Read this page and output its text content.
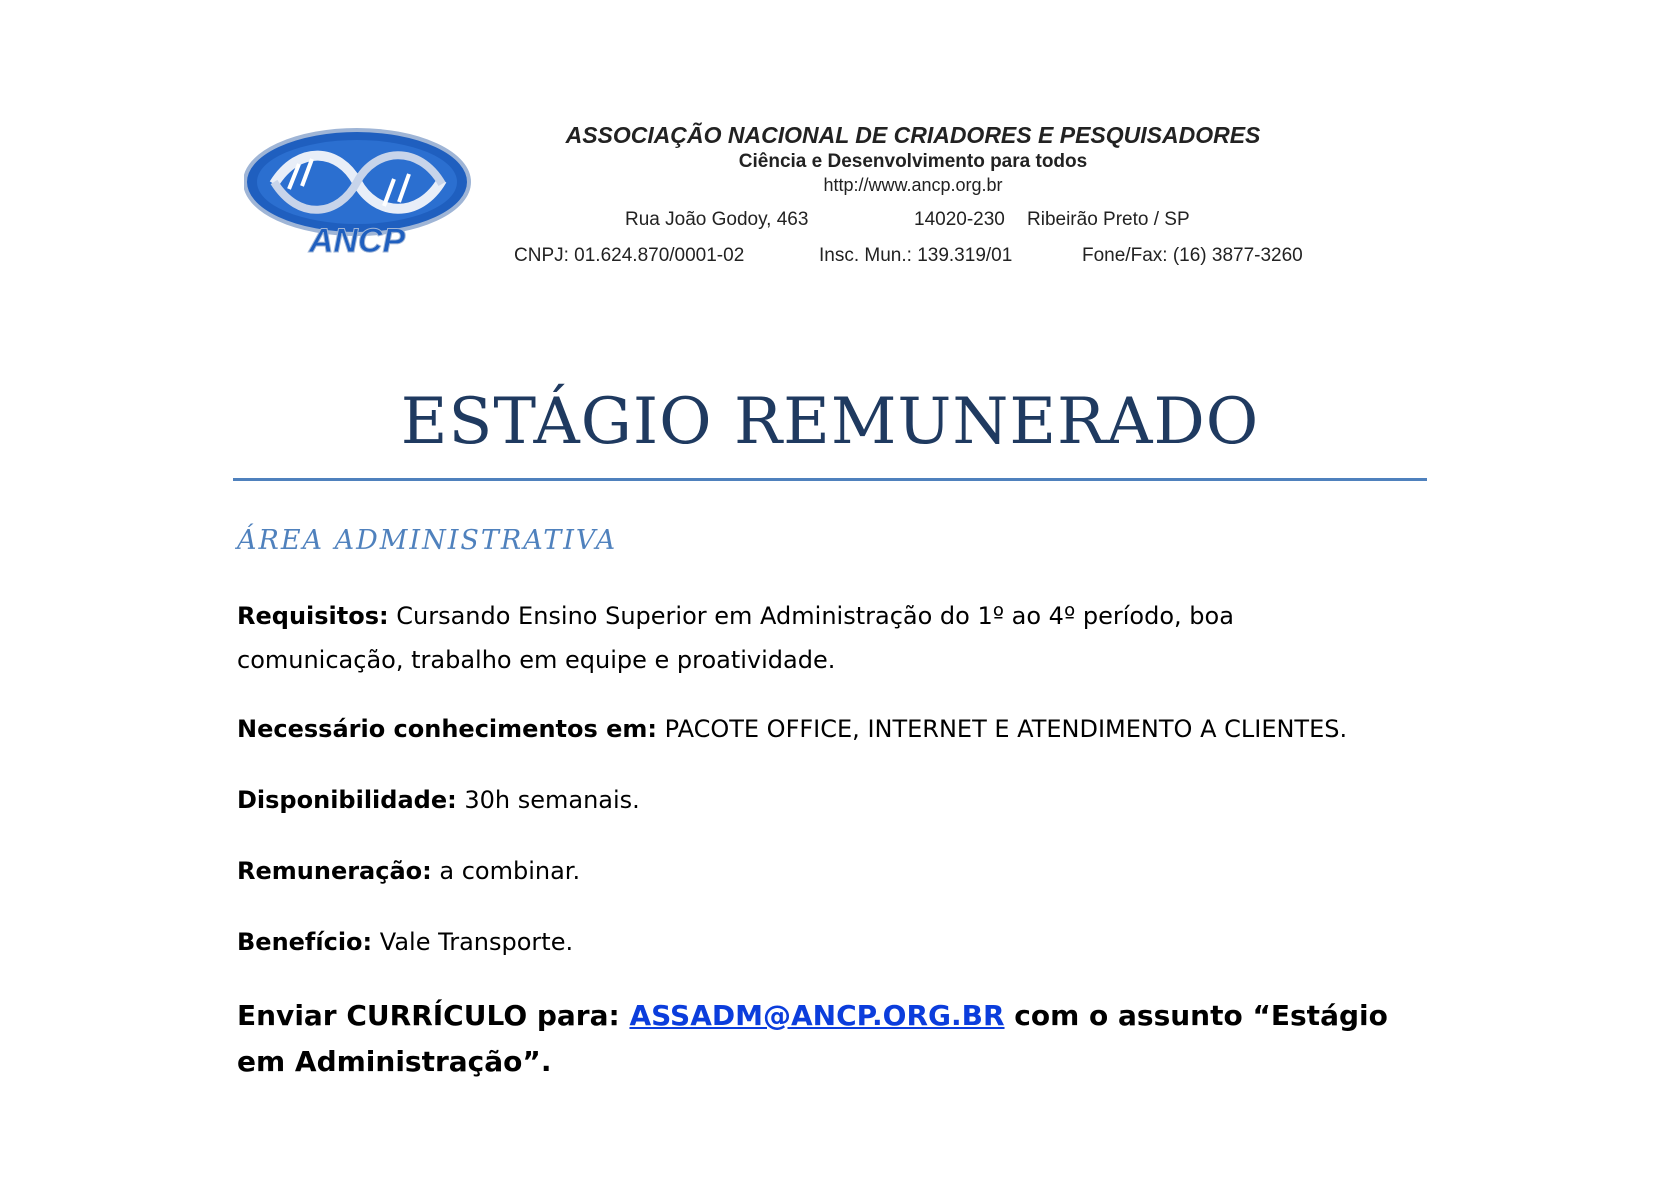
ANCP
ASSOCIAÇÃO NACIONAL DE CRIADORES E PESQUISADORES
Ciência e Desenvolvimento para todos
http://www.ancp.org.br
Rua João Godoy, 463	14020-230 Ribeirão Preto / SP
CNPJ: 01.624.870/0001-02	Insc. Mun.: 139.319/01	Fone/Fax: (16) 3877-3260
ESTÁGIO REMUNERADO
ÁREA ADMINISTRATIVA

Requisitos: Cursando Ensino Superior em Administração do 1º ao 4º período, boa comunicação, trabalho em equipe e proatividade.

Necessário conhecimentos em: PACOTE OFFICE, INTERNET E ATENDIMENTO A CLIENTES.

Disponibilidade: 30h semanais.

Remuneração: a combinar.

Benefício: Vale Transporte.

Enviar CURRÍCULO para: ASSADM@ANCP.ORG.BR com o assunto “Estágio em Administração”.
